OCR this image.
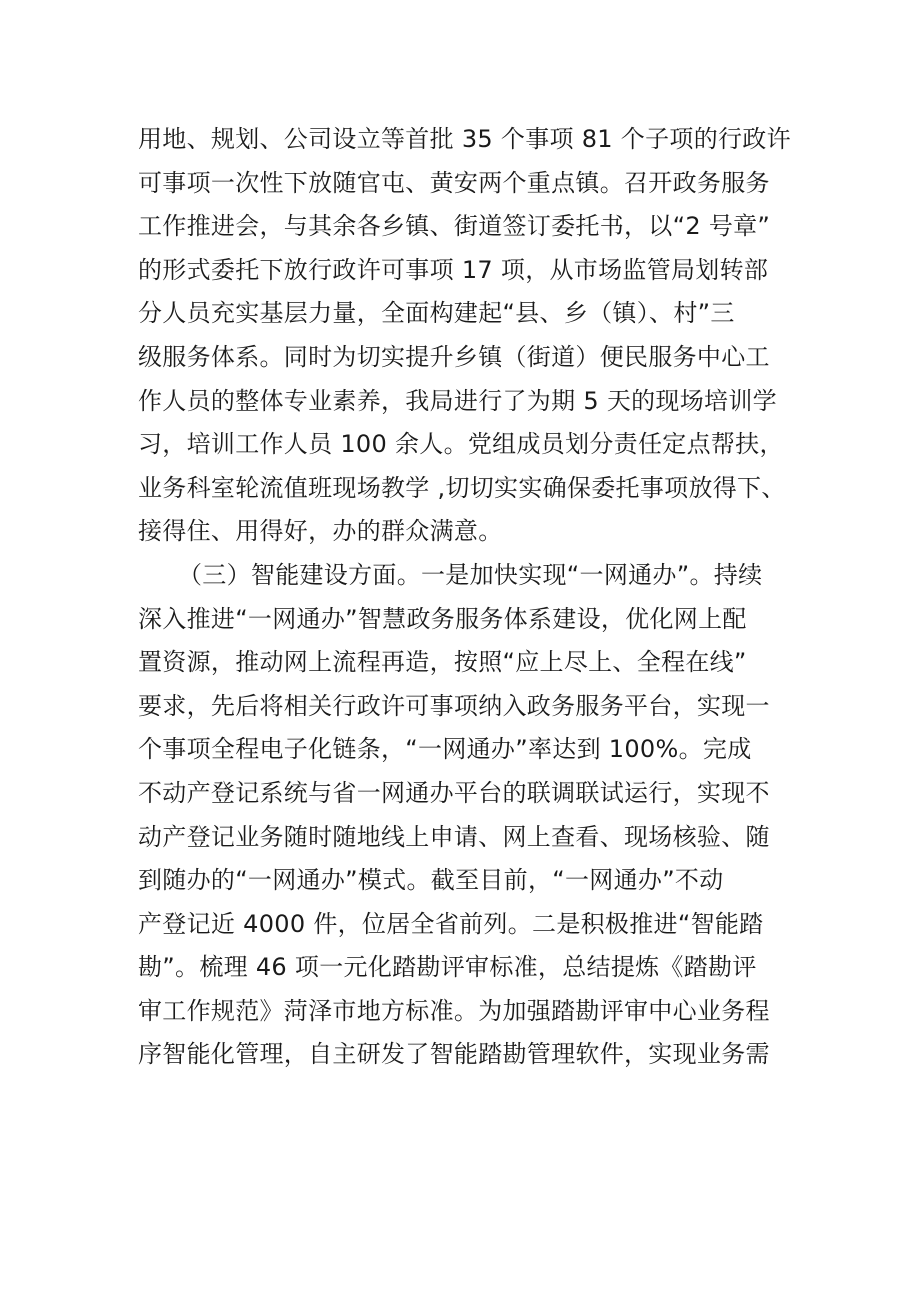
用地、规划、公司设立等首批 35 个事项 81 个子项的行政许
可事项一次性下放随官屯、黄安两个重点镇。召开政务服务
工作推进会，与其余各乡镇、街道签订委托书，以“2 号章”
的形式委托下放行政许可事项 17 项，从市场监管局划转部
分人员充实基层力量，全面构建起“县、乡（镇）、村”三
级服务体系。同时为切实提升乡镇（街道）便民服务中心工
作人员的整体专业素养，我局进行了为期 5 天的现场培训学
习，培训工作人员 100 余人。党组成员划分责任定点帮扶，
业务科室轮流值班现场教学 ,切切实实确保委托事项放得下、
接得住、用得好，办的群众满意。
（三）智能建设方面。一是加快实现“一网通办”。持续
深入推进“一网通办”智慧政务服务体系建设，优化网上配
置资源，推动网上流程再造，按照“应上尽上、全程在线”
要求，先后将相关行政许可事项纳入政务服务平台，实现一
个事项全程电子化链条，“一网通办”率达到 100%。完成
不动产登记系统与省一网通办平台的联调联试运行，实现不
动产登记业务随时随地线上申请、网上查看、现场核验、随
到随办的“一网通办”模式。截至目前，“一网通办”不动
产登记近 4000 件，位居全省前列。二是积极推进“智能踏
勘”。梳理 46 项一元化踏勘评审标准，总结提炼《踏勘评
审工作规范》菏泽市地方标准。为加强踏勘评审中心业务程
序智能化管理，自主研发了智能踏勘管理软件，实现业务需
